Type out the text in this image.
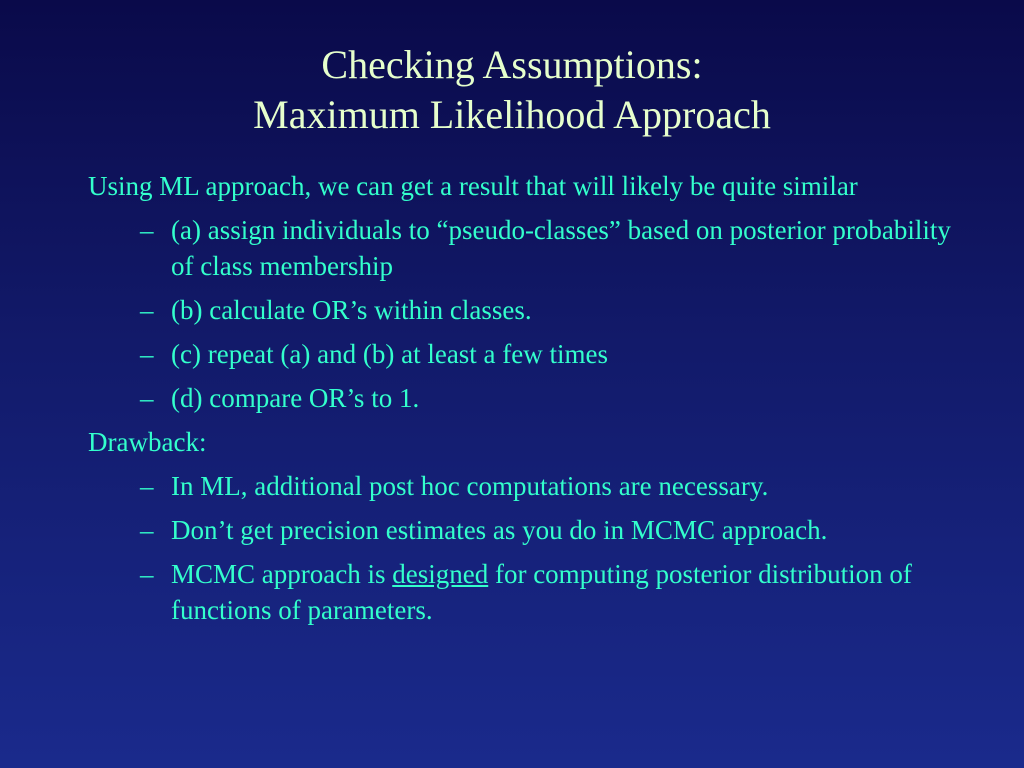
Checking Assumptions:
Maximum Likelihood Approach
Using ML approach, we can get a result that will likely be quite similar
– (a) assign individuals to “pseudo-classes” based on posterior probability of class membership
– (b) calculate OR’s within classes.
– (c) repeat (a) and (b) at least a few times
– (d) compare OR’s to 1.
Drawback:
– In ML, additional post hoc computations are necessary.
– Don’t get precision estimates as you do in MCMC approach.
– MCMC approach is designed for computing posterior distribution of functions of parameters.
